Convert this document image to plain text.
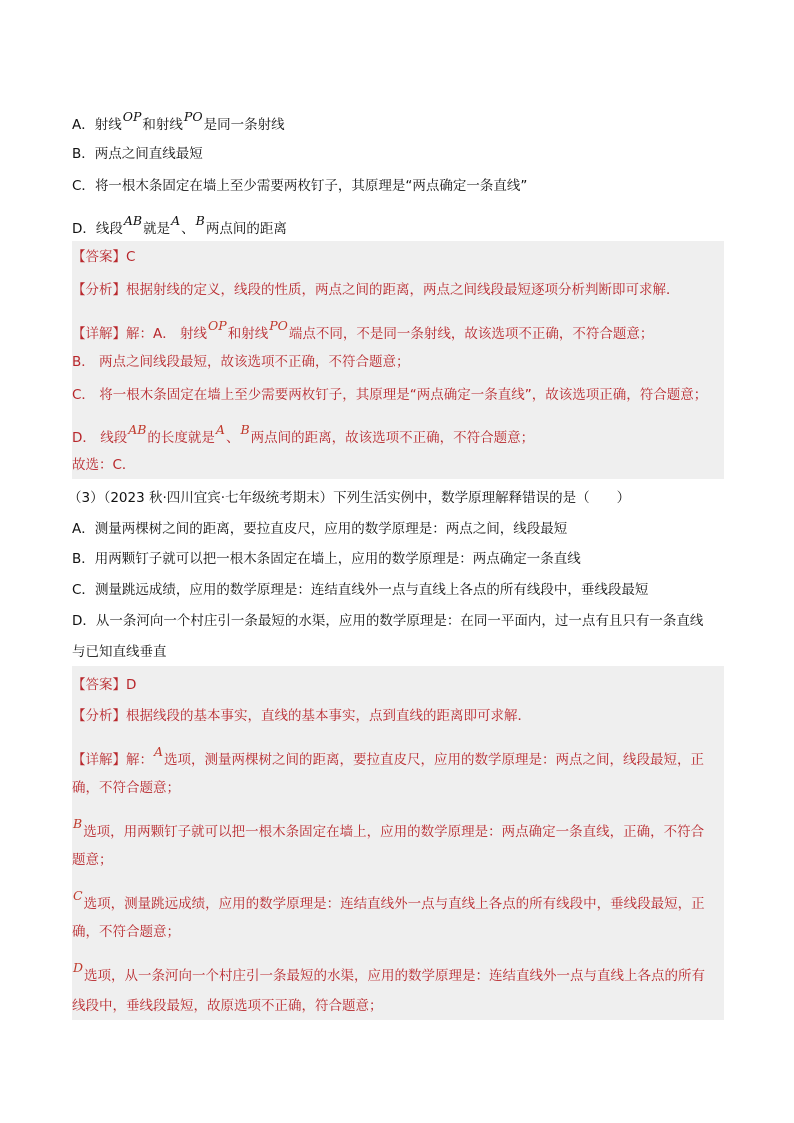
A．射线OP和射线PO是同一条射线
B．两点之间直线最短
C．将一根木条固定在墙上至少需要两枚钉子，其原理是“两点确定一条直线”
D．线段AB就是A、B两点间的距离
【答案】C
【分析】根据射线的定义，线段的性质，两点之间的距离，两点之间线段最短逐项分析判断即可求解．
【详解】解：A． 射线OP和射线PO端点不同，不是同一条射线，故该选项不正确，不符合题意；
B． 两点之间线段最短，故该选项不正确，不符合题意；
C． 将一根木条固定在墙上至少需要两枚钉子，其原理是“两点确定一条直线”，故该选项正确，符合题意；
D． 线段AB的长度就是A、B两点间的距离，故该选项不正确，不符合题意；
故选：C．
（3）（2023 秋·四川宜宾·七年级统考期末）下列生活实例中，数学原理解释错误的是（　　）
A．测量两棵树之间的距离，要拉直皮尺，应用的数学原理是：两点之间，线段最短
B．用两颗钉子就可以把一根木条固定在墙上，应用的数学原理是：两点确定一条直线
C．测量跳远成绩，应用的数学原理是：连结直线外一点与直线上各点的所有线段中，垂线段最短
D．从一条河向一个村庄引一条最短的水渠，应用的数学原理是：在同一平面内，过一点有且只有一条直线
与已知直线垂直
【答案】D
【分析】根据线段的基本事实，直线的基本事实，点到直线的距离即可求解．
【详解】解：A选项，测量两棵树之间的距离，要拉直皮尺，应用的数学原理是：两点之间，线段最短，正
确，不符合题意；
B选项，用两颗钉子就可以把一根木条固定在墙上，应用的数学原理是：两点确定一条直线，正确，不符合
题意；
C选项，测量跳远成绩，应用的数学原理是：连结直线外一点与直线上各点的所有线段中，垂线段最短，正
确，不符合题意；
D选项，从一条河向一个村庄引一条最短的水渠，应用的数学原理是：连结直线外一点与直线上各点的所有
线段中，垂线段最短，故原选项不正确，符合题意；
